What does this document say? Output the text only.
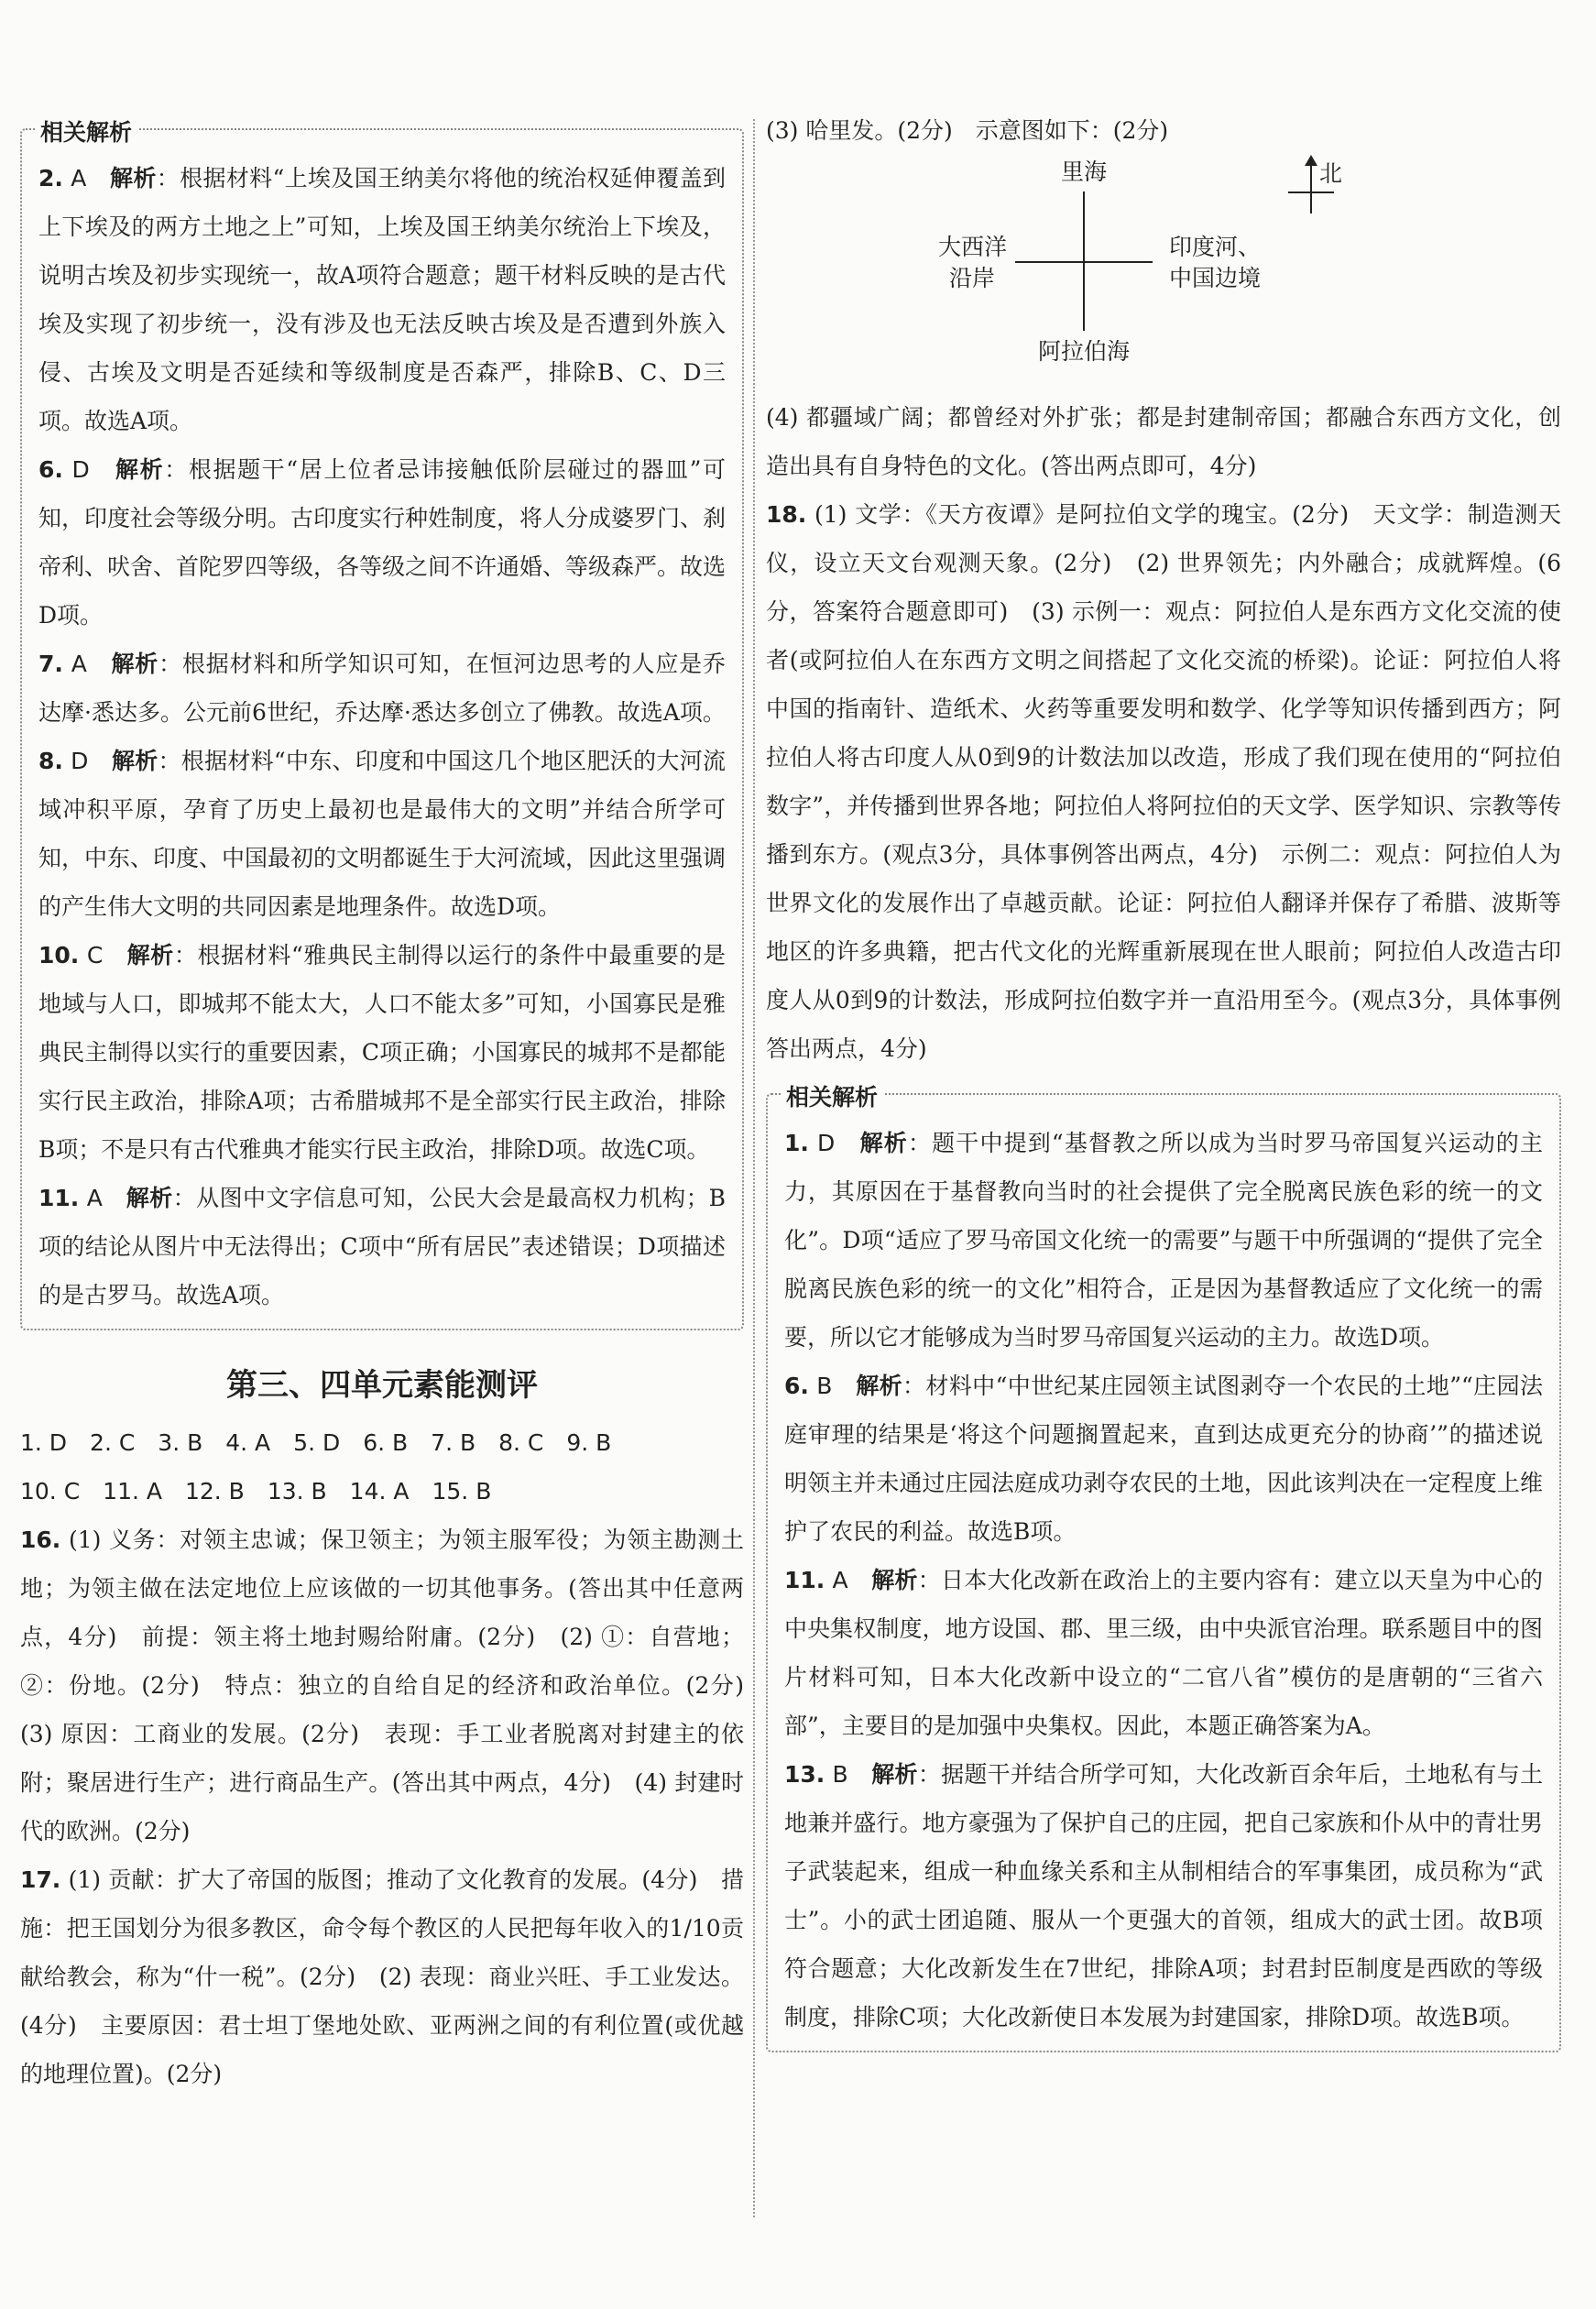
相关解析

2. A　 解析：根据材料“上埃及国王纳美尔将他的统治权延伸覆盖到上下埃及的两方土地之上”可知，上埃及国王纳美尔统治上下埃及，说明古埃及初步实现统一，故A项符合题意；题干材料反映的是古代埃及实现了初步统一，没有涉及也无法反映古埃及是否遭到外族入侵、古埃及文明是否延续和等级制度是否森严，排除B、C、D三项。故选A项。

6. D　 解析：根据题干“居上位者忌讳接触低阶层碰过的器皿”可知，印度社会等级分明。古印度实行种姓制度，将人分成婆罗门、刹帝利、吠舍、首陀罗四等级，各等级之间不许通婚、等级森严。故选D项。

7. A　 解析：根据材料和所学知识可知，在恒河边思考的人应是乔达摩·悉达多。公元前6世纪，乔达摩·悉达多创立了佛教。故选A项。

8. D　 解析：根据材料“中东、印度和中国这几个地区肥沃的大河流域冲积平原，孕育了历史上最初也是最伟大的文明”并结合所学可知，中东、印度、中国最初的文明都诞生于大河流域，因此这里强调的产生伟大文明的共同因素是地理条件。故选D项。

10. C　 解析：根据材料“雅典民主制得以运行的条件中最重要的是地域与人口，即城邦不能太大，人口不能太多”可知，小国寡民是雅典民主制得以实行的重要因素，C项正确；小国寡民的城邦不是都能实行民主政治，排除A项；古希腊城邦不是全部实行民主政治，排除B项；不是只有古代雅典才能实行民主政治，排除D项。故选C项。

11. A　 解析：从图中文字信息可知，公民大会是最高权力机构；B项的结论从图片中无法得出；C项中“所有居民”表述错误；D项描述的是古罗马。故选A项。

第三、四单元素能测评

1. D　2. C　3. B　4. A　5. D　6. B　7. B　8. C　9. B

10. C　11. A　12. B　13. B　14. A　15. B

16. (1) 义务：对领主忠诚；保卫领主；为领主服军役；为领主勘测土地；为领主做在法定地位上应该做的一切其他事务。(答出其中任意两点，4分)　前提：领主将土地封赐给附庸。(2分)　(2) ①：自营地；②：份地。(2分)　特点：独立的自给自足的经济和政治单位。(2分)　(3) 原因：工商业的发展。(2分)　表现：手工业者脱离对封建主的依附；聚居进行生产；进行商品生产。(答出其中两点，4分)　(4) 封建时代的欧洲。(2分)

17. (1) 贡献：扩大了帝国的版图；推动了文化教育的发展。(4分)　措施：把王国划分为很多教区，命令每个教区的人民把每年收入的1/10贡献给教会，称为“什一税”。(2分)　(2) 表现：商业兴旺、手工业发达。(4分)　主要原因：君士坦丁堡地处欧、亚两洲之间的有利位置(或优越的地理位置)。(2分)

(3) 哈里发。(2分)　示意图如下：(2分)

里海
大西洋
沿岸
印度河、
中国边境
阿拉伯海
北

(4) 都疆域广阔；都曾经对外扩张；都是封建制帝国；都融合东西方文化，创造出具有自身特色的文化。(答出两点即可，4分)

18. (1) 文学：《天方夜谭》是阿拉伯文学的瑰宝。(2分)　天文学：制造测天仪，设立天文台观测天象。(2分)　(2) 世界领先；内外融合；成就辉煌。(6分，答案符合题意即可)　(3) 示例一：观点：阿拉伯人是东西方文化交流的使者(或阿拉伯人在东西方文明之间搭起了文化交流的桥梁)。论证：阿拉伯人将中国的指南针、造纸术、火药等重要发明和数学、化学等知识传播到西方；阿拉伯人将古印度人从0到9的计数法加以改造，形成了我们现在使用的“阿拉伯数字”，并传播到世界各地；阿拉伯人将阿拉伯的天文学、医学知识、宗教等传播到东方。(观点3分，具体事例答出两点，4分)　示例二：观点：阿拉伯人为世界文化的发展作出了卓越贡献。论证：阿拉伯人翻译并保存了希腊、波斯等地区的许多典籍，把古代文化的光辉重新展现在世人眼前；阿拉伯人改造古印度人从0到9的计数法，形成阿拉伯数字并一直沿用至今。(观点3分，具体事例答出两点，4分)

相关解析

1. D　 解析：题干中提到“基督教之所以成为当时罗马帝国复兴运动的主力，其原因在于基督教向当时的社会提供了完全脱离民族色彩的统一的文化”。D项“适应了罗马帝国文化统一的需要”与题干中所强调的“提供了完全脱离民族色彩的统一的文化”相符合，正是因为基督教适应了文化统一的需要，所以它才能够成为当时罗马帝国复兴运动的主力。故选D项。

6. B　 解析：材料中“中世纪某庄园领主试图剥夺一个农民的土地”“庄园法庭审理的结果是‘将这个问题搁置起来，直到达成更充分的协商’”的描述说明领主并未通过庄园法庭成功剥夺农民的土地，因此该判决在一定程度上维护了农民的利益。故选B项。

11. A　 解析：日本大化改新在政治上的主要内容有：建立以天皇为中心的中央集权制度，地方设国、郡、里三级，由中央派官治理。联系题目中的图片材料可知，日本大化改新中设立的“二官八省”模仿的是唐朝的“三省六部”，主要目的是加强中央集权。因此，本题正确答案为A。

13. B　 解析：据题干并结合所学可知，大化改新百余年后，土地私有与土地兼并盛行。地方豪强为了保护自己的庄园，把自己家族和仆从中的青壮男子武装起来，组成一种血缘关系和主从制相结合的军事集团，成员称为“武士”。小的武士团追随、服从一个更强大的首领，组成大的武士团。故B项符合题意；大化改新发生在7世纪，排除A项；封君封臣制度是西欧的等级制度，排除C项；大化改新使日本发展为封建国家，排除D项。故选B项。
